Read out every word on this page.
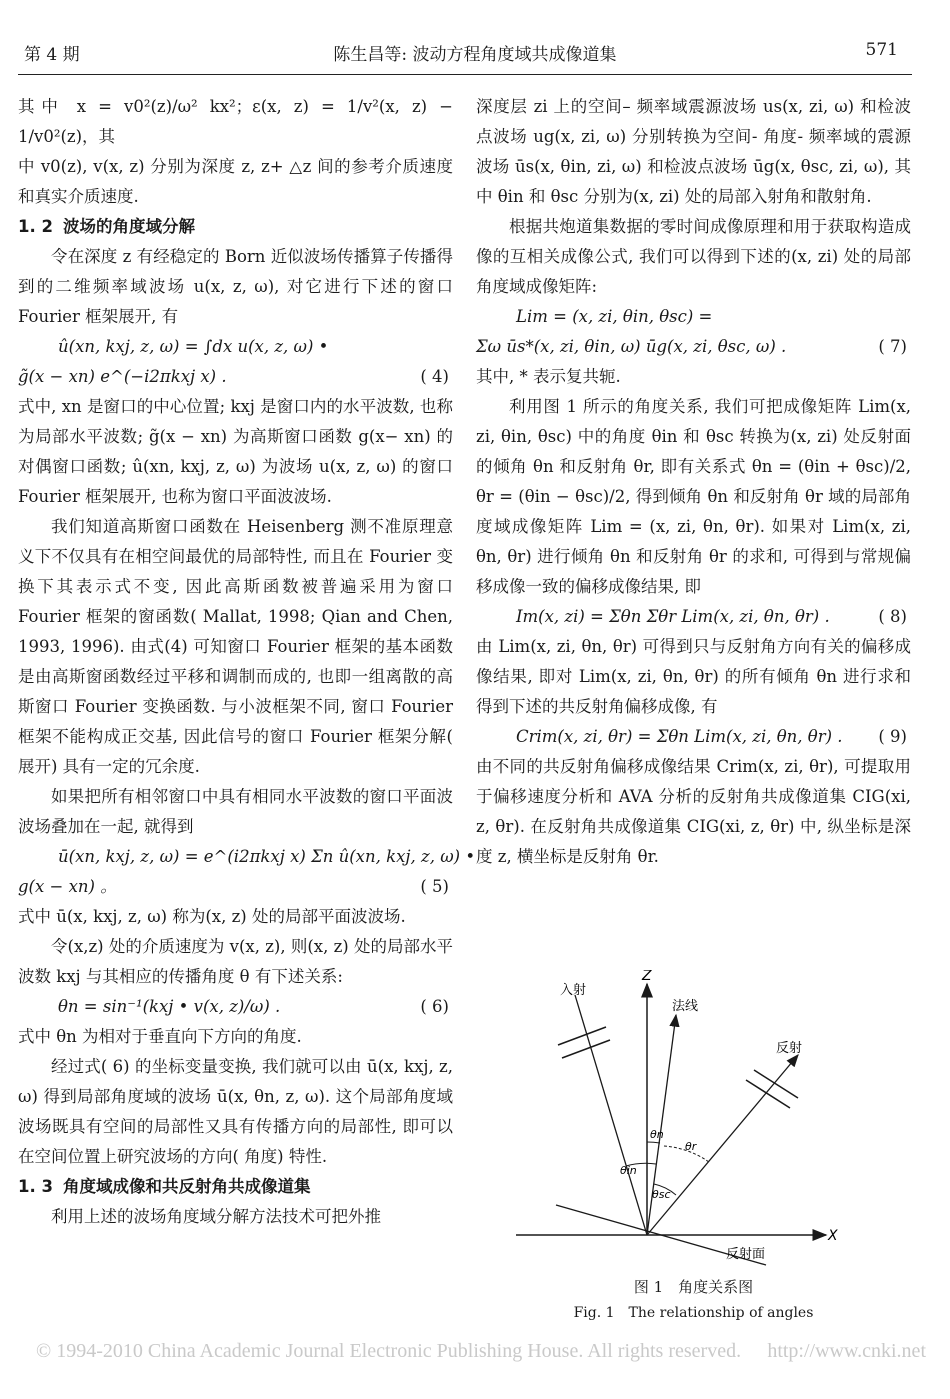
第 4 期	陈生昌等: 波动方程角度域共成像道集	571

其中 x = v0²(z)/ω² kx²；ε(x, z) = 1/v²(x, z) − 1/v0²(z)，其

中 v0(z), v(x, z) 分别为深度 z, z+ △z 间的参考介质速度和真实介质速度.

1. 2 波场的角度域分解

令在深度 z 有经稳定的 Born 近似波场传播算子传播得到的二维频率域波场 u(x, z, ω), 对它进行下述的窗口 Fourier 框架展开, 有

û(xn, kxj, z, ω) = ∫dx u(x, z, ω) •

g̃(x − xn) e^(−i2πkxj x) .	( 4)

式中, xn 是窗口的中心位置; kxj 是窗口内的水平波数, 也称为局部水平波数; g̃(x − xn) 为高斯窗口函数 g(x− xn) 的对偶窗口函数; û(xn, kxj, z, ω) 为波场 u(x, z, ω) 的窗口 Fourier 框架展开, 也称为窗口平面波波场.

我们知道高斯窗口函数在 Heisenberg 测不准原理意义下不仅具有在相空间最优的局部特性, 而且在 Fourier 变换下其表示式不变, 因此高斯函数被普遍采用为窗口 Fourier 框架的窗函数( Mallat, 1998; Qian and Chen, 1993, 1996). 由式(4) 可知窗口 Fourier 框架的基本函数是由高斯窗函数经过平移和调制而成的, 也即一组离散的高斯窗口 Fourier 变换函数. 与小波框架不同, 窗口 Fourier 框架不能构成正交基, 因此信号的窗口 Fourier 框架分解( 展开) 具有一定的冗余度.

如果把所有相邻窗口中具有相同水平波数的窗口平面波波场叠加在一起, 就得到

ū(xn, kxj, z, ω) = e^(i2πkxj x) Σn û(xn, kxj, z, ω) •

g(x − xn) 。	( 5)

式中 ū(x, kxj, z, ω) 称为(x, z) 处的局部平面波波场.

令(x,z) 处的介质速度为 v(x, z), 则(x, z) 处的局部水平波数 kxj 与其相应的传播角度 θ 有下述关系:

θn = sin⁻¹(kxj • v(x, z)/ω) .	( 6)

式中 θn 为相对于垂直向下方向的角度.

经过式( 6) 的坐标变量变换, 我们就可以由 ū(x, kxj, z, ω) 得到局部角度域的波场 ū(x, θn, z, ω). 这个局部角度域波场既具有空间的局部性又具有传播方向的局部性, 即可以在空间位置上研究波场的方向( 角度) 特性.

1. 3 角度域成像和共反射角共成像道集

利用上述的波场角度域分解方法技术可把外推

深度层 zi 上的空间– 频率域震源波场 us(x, zi, ω) 和检波点波场 ug(x, zi, ω) 分别转换为空间- 角度- 频率域的震源波场 ūs(x, θin, zi, ω) 和检波点波场 ūg(x, θsc, zi, ω), 其中 θin 和 θsc 分别为(x, zi) 处的局部入射角和散射角.

根据共炮道集数据的零时间成像原理和用于获取构造成像的互相关成像公式, 我们可以得到下述的(x, zi) 处的局部角度域成像矩阵:

Lim = (x, zi, θin, θsc) =

Σω ūs*(x, zi, θin, ω) ūg(x, zi, θsc, ω) .	( 7)

其中, * 表示复共轭.

利用图 1 所示的角度关系, 我们可把成像矩阵 Lim(x, zi, θin, θsc) 中的角度 θin 和 θsc 转换为(x, zi) 处反射面的倾角 θn 和反射角 θr, 即有关系式 θn = (θin + θsc)/2, θr = (θin − θsc)/2, 得到倾角 θn 和反射角 θr 域的局部角度域成像矩阵 Lim = (x, zi, θn, θr). 如果对 Lim(x, zi, θn, θr) 进行倾角 θn 和反射角 θr 的求和, 可得到与常规偏移成像一致的偏移成像结果, 即

Im(x, zi) = Σθn Σθr Lim(x, zi, θn, θr) .	( 8)

由 Lim(x, zi, θn, θr) 可得到只与反射角方向有关的偏移成像结果, 即对 Lim(x, zi, θn, θr) 的所有倾角 θn 进行求和得到下述的共反射角偏移成像, 有

Crim(x, zi, θr) = Σθn Lim(x, zi, θn, θr) . ( 9)

由不同的共反射角偏移成像结果 Crim(x, zi, θr), 可提取用于偏移速度分析和 AVA 分析的反射角共成像道集 CIG(xi, z, θr). 在反射角共成像道集 CIG(xi, z, θr) 中, 纵坐标是深度 z, 横坐标是反射角 θr.

Z
X
反射面
入射
法线
反射
θn
θr
θin
θsc

图 1　角度关系图

Fig. 1　The relationship of angles

© 1994-2010 China Academic Journal Electronic Publishing House. All rights reserved. http://www.cnki.net
